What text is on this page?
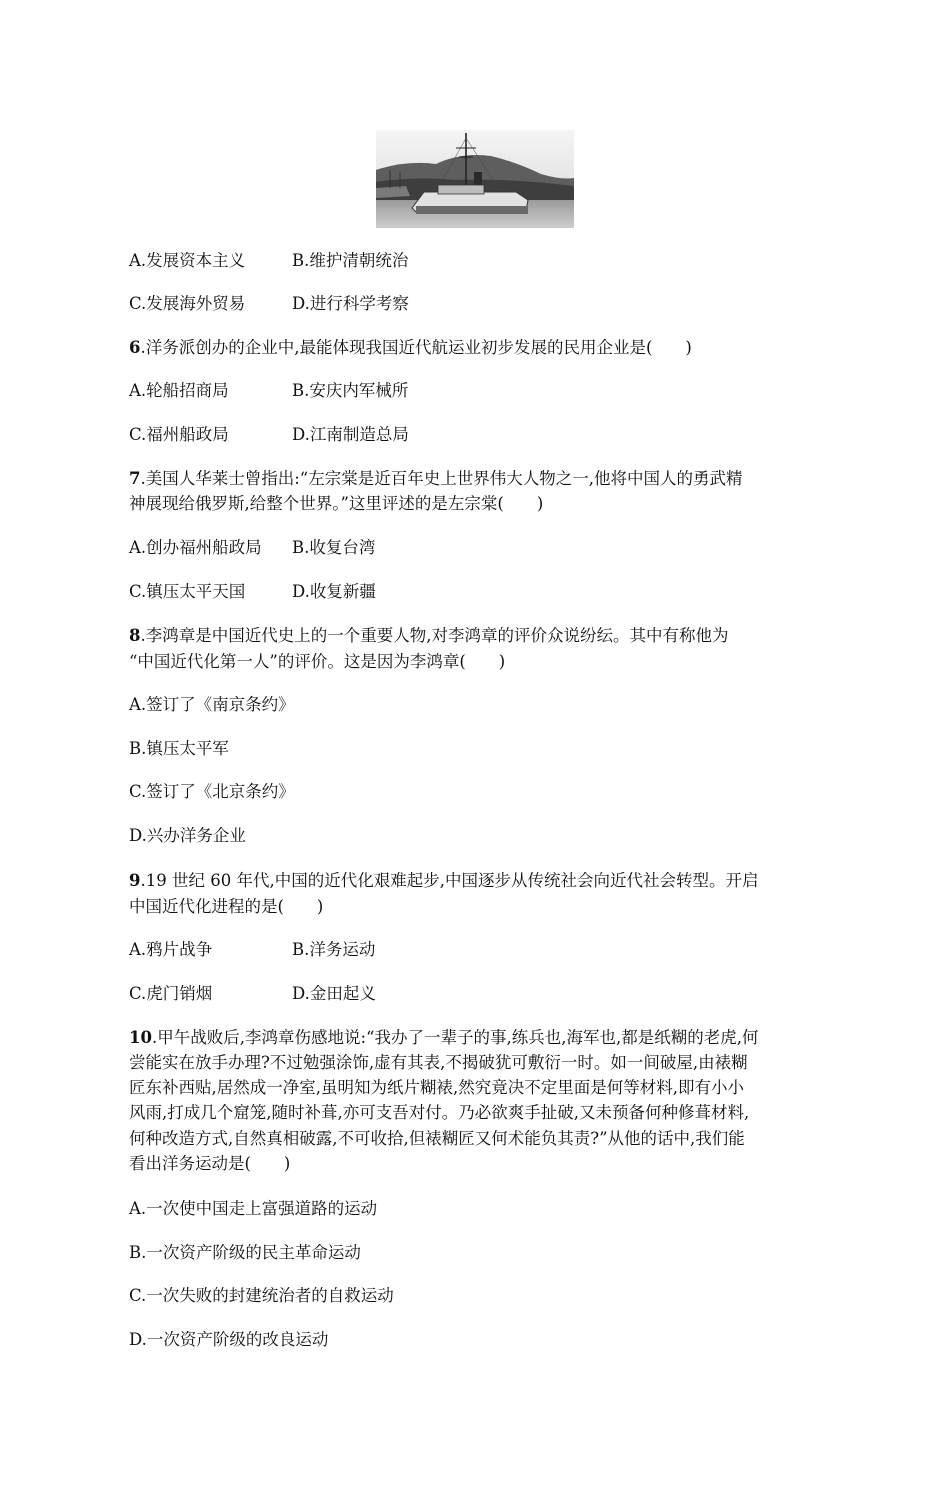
A.发展资本主义	B.维护清朝统治
C.发展海外贸易	D.进行科学考察
6.洋务派创办的企业中,最能体现我国近代航运业初步发展的民用企业是(　　)
A.轮船招商局	B.安庆内军械所
C.福州船政局	D.江南制造总局
7.美国人华莱士曾指出:“左宗棠是近百年史上世界伟大人物之一,他将中国人的勇武精
神展现给俄罗斯,给整个世界。”这里评述的是左宗棠(　　)
A.创办福州船政局 B.收复台湾
C.镇压太平天国	D.收复新疆
8.李鸿章是中国近代史上的一个重要人物,对李鸿章的评价众说纷纭。其中有称他为
“中国近代化第一人”的评价。这是因为李鸿章(　　)
A.签订了《南京条约》
B.镇压太平军
C.签订了《北京条约》
D.兴办洋务企业
9.19 世纪 60 年代,中国的近代化艰难起步,中国逐步从传统社会向近代社会转型。开启
中国近代化进程的是(　　)
A.鸦片战争	B.洋务运动
C.虎门销烟	D.金田起义
10.甲午战败后,李鸿章伤感地说:“我办了一辈子的事,练兵也,海军也,都是纸糊的老虎,何
尝能实在放手办理?不过勉强涂饰,虚有其表,不揭破犹可敷衍一时。如一间破屋,由裱糊
匠东补西贴,居然成一净室,虽明知为纸片糊裱,然究竟决不定里面是何等材料,即有小小
风雨,打成几个窟笼,随时补葺,亦可支吾对付。乃必欲爽手扯破,又未预备何种修葺材料,
何种改造方式,自然真相破露,不可收拾,但裱糊匠又何术能负其责?”从他的话中,我们能
看出洋务运动是(　　)
A.一次使中国走上富强道路的运动
B.一次资产阶级的民主革命运动
C.一次失败的封建统治者的自救运动
D.一次资产阶级的改良运动
